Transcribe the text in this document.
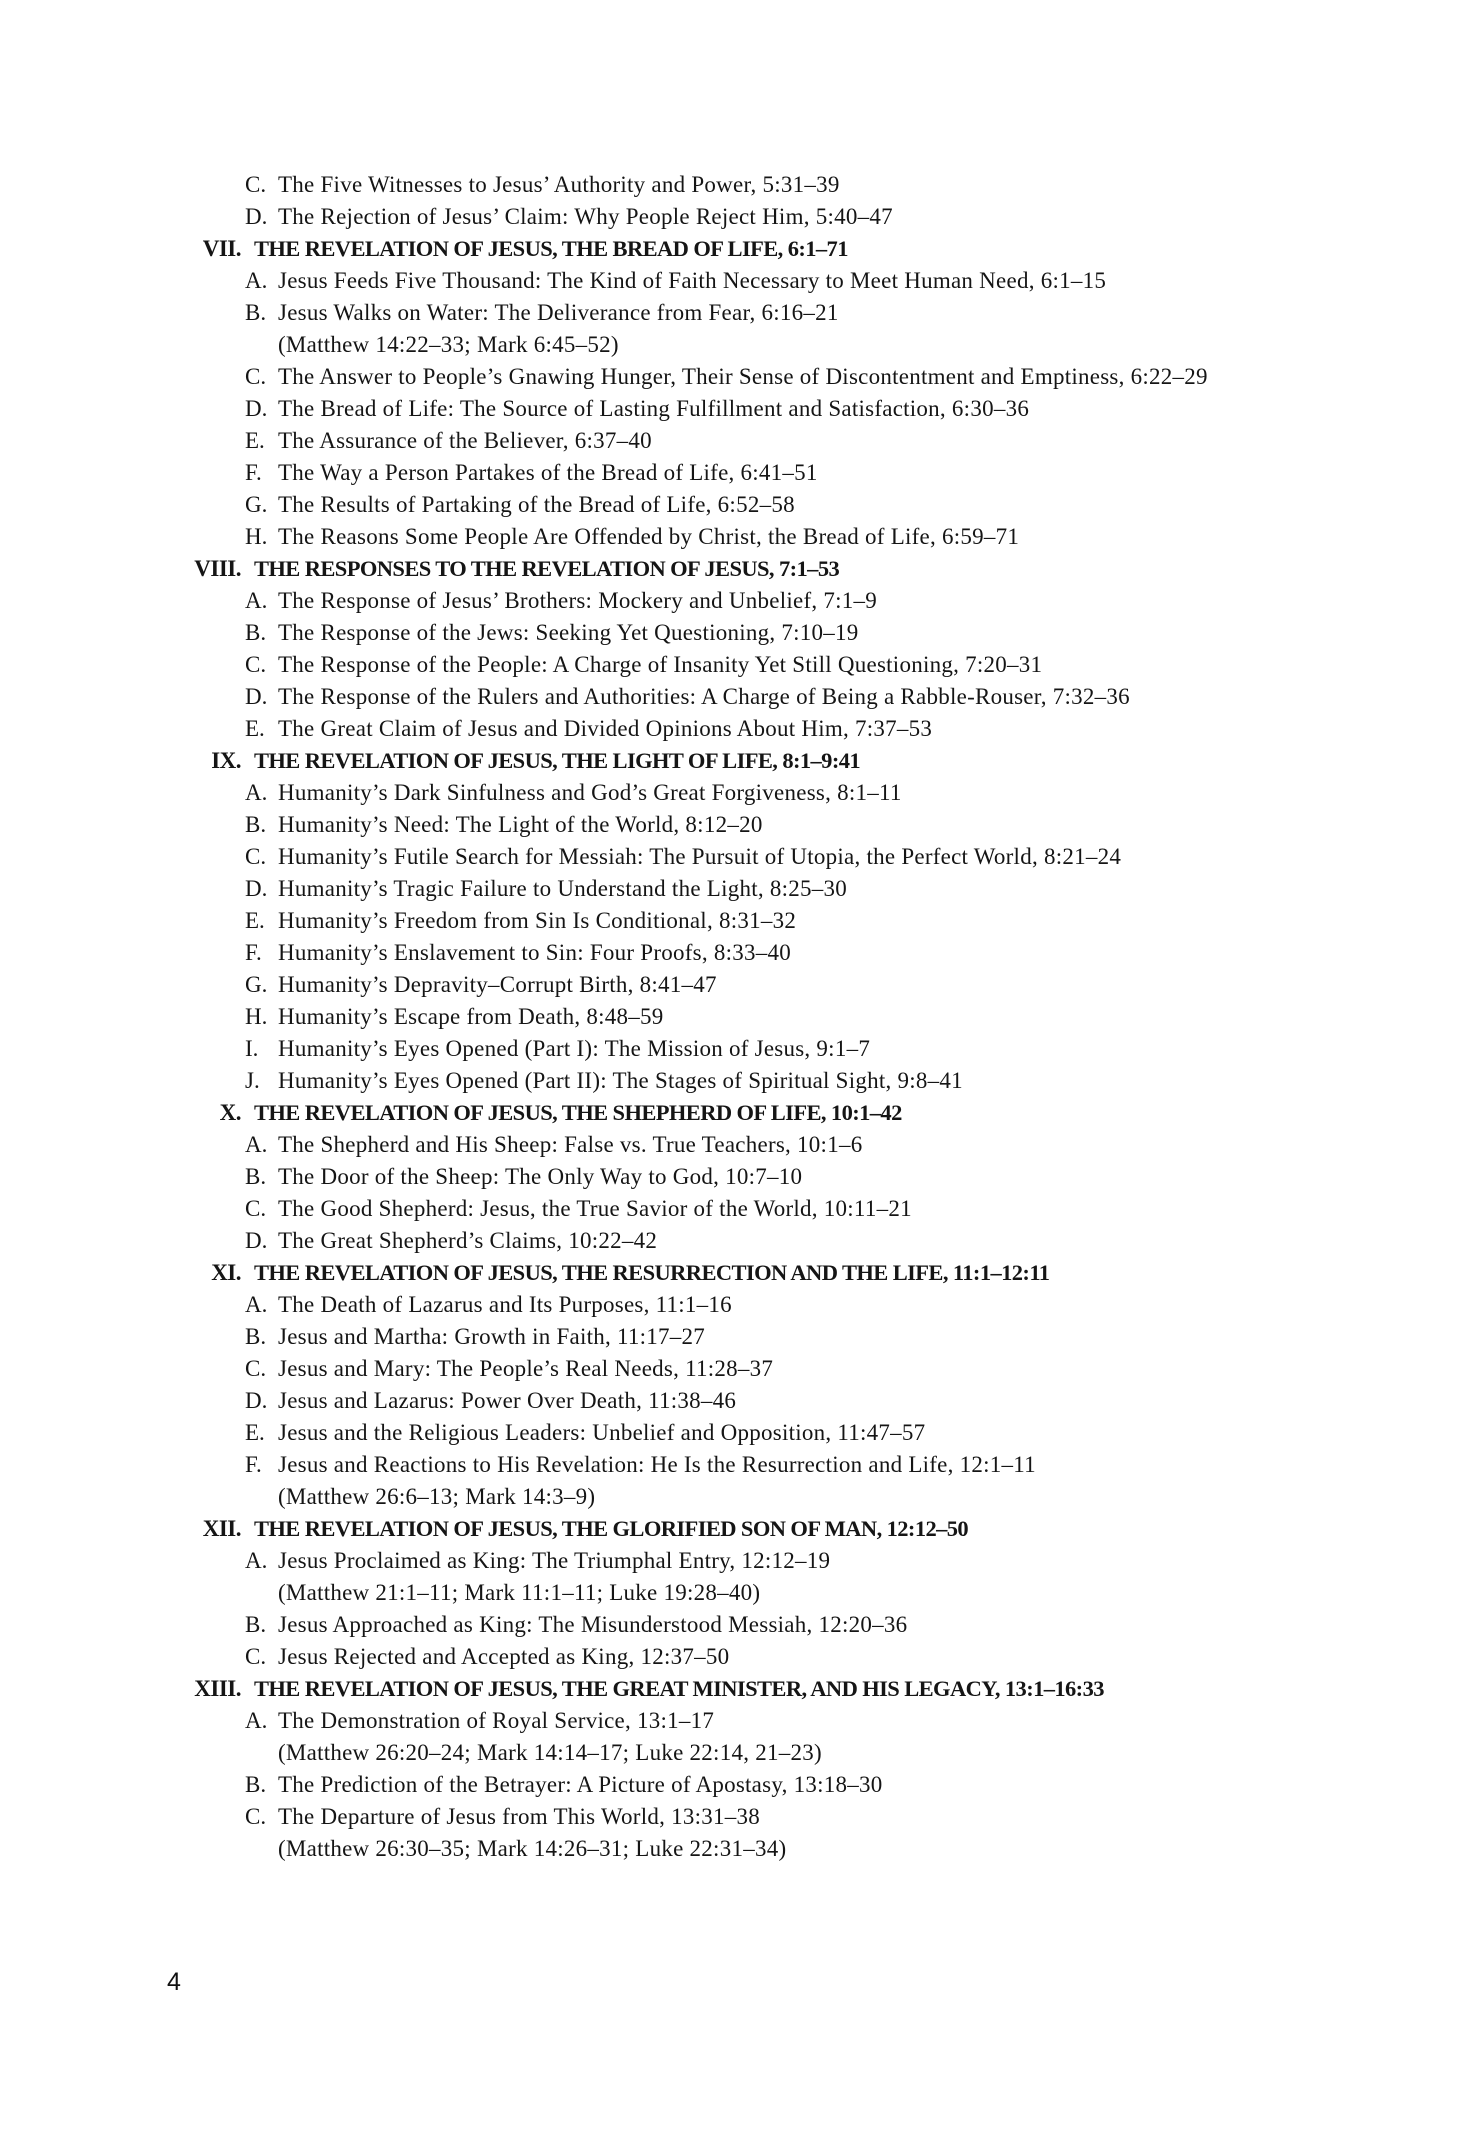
C. The Five Witnesses to Jesus’ Authority and Power, 5:31–39
D. The Rejection of Jesus’ Claim: Why People Reject Him, 5:40–47
VII. THE REVELATION OF JESUS, THE BREAD OF LIFE, 6:1–71
A. Jesus Feeds Five Thousand: The Kind of Faith Necessary to Meet Human Need, 6:1–15
B. Jesus Walks on Water: The Deliverance from Fear, 6:16–21
(Matthew 14:22–33; Mark 6:45–52)
C. The Answer to People’s Gnawing Hunger, Their Sense of Discontentment and Emptiness, 6:22–29
D. The Bread of Life: The Source of Lasting Fulfillment and Satisfaction, 6:30–36
E. The Assurance of the Believer, 6:37–40
F. The Way a Person Partakes of the Bread of Life, 6:41–51
G. The Results of Partaking of the Bread of Life, 6:52–58
H. The Reasons Some People Are Offended by Christ, the Bread of Life, 6:59–71
VIII. THE RESPONSES TO THE REVELATION OF JESUS, 7:1–53
A. The Response of Jesus’ Brothers: Mockery and Unbelief, 7:1–9
B. The Response of the Jews: Seeking Yet Questioning, 7:10–19
C. The Response of the People: A Charge of Insanity Yet Still Questioning, 7:20–31
D. The Response of the Rulers and Authorities: A Charge of Being a Rabble-Rouser, 7:32–36
E. The Great Claim of Jesus and Divided Opinions About Him, 7:37–53
IX. THE REVELATION OF JESUS, THE LIGHT OF LIFE, 8:1–9:41
A. Humanity’s Dark Sinfulness and God’s Great Forgiveness, 8:1–11
B. Humanity’s Need: The Light of the World, 8:12–20
C. Humanity’s Futile Search for Messiah: The Pursuit of Utopia, the Perfect World, 8:21–24
D. Humanity’s Tragic Failure to Understand the Light, 8:25–30
E. Humanity’s Freedom from Sin Is Conditional, 8:31–32
F. Humanity’s Enslavement to Sin: Four Proofs, 8:33–40
G. Humanity’s Depravity–Corrupt Birth, 8:41–47
H. Humanity’s Escape from Death, 8:48–59
I. Humanity’s Eyes Opened (Part I): The Mission of Jesus, 9:1–7
J. Humanity’s Eyes Opened (Part II): The Stages of Spiritual Sight, 9:8–41
X. THE REVELATION OF JESUS, THE SHEPHERD OF LIFE, 10:1–42
A. The Shepherd and His Sheep: False vs. True Teachers, 10:1–6
B. The Door of the Sheep: The Only Way to God, 10:7–10
C. The Good Shepherd: Jesus, the True Savior of the World, 10:11–21
D. The Great Shepherd’s Claims, 10:22–42
XI. THE REVELATION OF JESUS, THE RESURRECTION AND THE LIFE, 11:1–12:11
A. The Death of Lazarus and Its Purposes, 11:1–16
B. Jesus and Martha: Growth in Faith, 11:17–27
C. Jesus and Mary: The People’s Real Needs, 11:28–37
D. Jesus and Lazarus: Power Over Death, 11:38–46
E. Jesus and the Religious Leaders: Unbelief and Opposition, 11:47–57
F. Jesus and Reactions to His Revelation: He Is the Resurrection and Life, 12:1–11
(Matthew 26:6–13; Mark 14:3–9)
XII. THE REVELATION OF JESUS, THE GLORIFIED SON OF MAN, 12:12–50
A. Jesus Proclaimed as King: The Triumphal Entry, 12:12–19
(Matthew 21:1–11; Mark 11:1–11; Luke 19:28–40)
B. Jesus Approached as King: The Misunderstood Messiah, 12:20–36
C. Jesus Rejected and Accepted as King, 12:37–50
XIII. THE REVELATION OF JESUS, THE GREAT MINISTER, AND HIS LEGACY, 13:1–16:33
A. The Demonstration of Royal Service, 13:1–17
(Matthew 26:20–24; Mark 14:14–17; Luke 22:14, 21–23)
B. The Prediction of the Betrayer: A Picture of Apostasy, 13:18–30
C. The Departure of Jesus from This World, 13:31–38
(Matthew 26:30–35; Mark 14:26–31; Luke 22:31–34)
4
